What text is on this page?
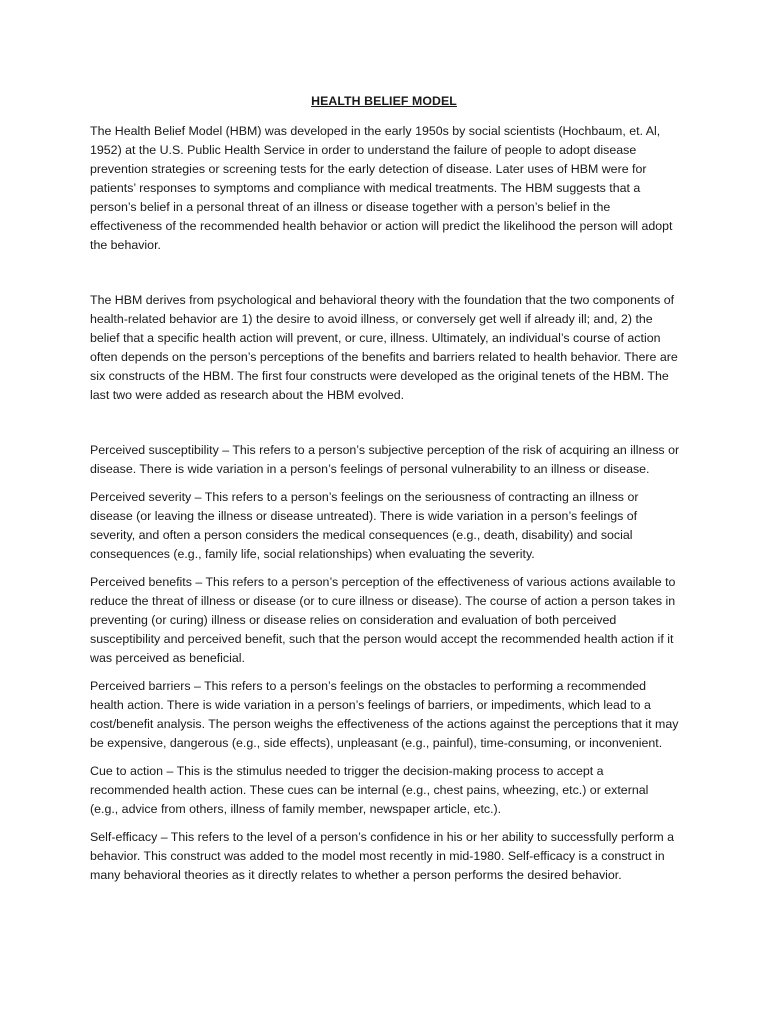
HEALTH BELIEF MODEL

The Health Belief Model (HBM) was developed in the early 1950s by social scientists (Hochbaum, et. Al, 1952) at the U.S. Public Health Service in order to understand the failure of people to adopt disease prevention strategies or screening tests for the early detection of disease. Later uses of HBM were for patients’ responses to symptoms and compliance with medical treatments. The HBM suggests that a person’s belief in a personal threat of an illness or disease together with a person’s belief in the effectiveness of the recommended health behavior or action will predict the likelihood the person will adopt the behavior.

The HBM derives from psychological and behavioral theory with the foundation that the two components of health-related behavior are 1) the desire to avoid illness, or conversely get well if already ill; and, 2) the belief that a specific health action will prevent, or cure, illness. Ultimately, an individual’s course of action often depends on the person’s perceptions of the benefits and barriers related to health behavior. There are six constructs of the HBM. The first four constructs were developed as the original tenets of the HBM. The last two were added as research about the HBM evolved.

Perceived susceptibility – This refers to a person’s subjective perception of the risk of acquiring an illness or disease. There is wide variation in a person’s feelings of personal vulnerability to an illness or disease.

Perceived severity – This refers to a person’s feelings on the seriousness of contracting an illness or disease (or leaving the illness or disease untreated). There is wide variation in a person’s feelings of severity, and often a person considers the medical consequences (e.g., death, disability) and social consequences (e.g., family life, social relationships) when evaluating the severity.

Perceived benefits – This refers to a person’s perception of the effectiveness of various actions available to reduce the threat of illness or disease (or to cure illness or disease). The course of action a person takes in preventing (or curing) illness or disease relies on consideration and evaluation of both perceived susceptibility and perceived benefit, such that the person would accept the recommended health action if it was perceived as beneficial.

Perceived barriers – This refers to a person’s feelings on the obstacles to performing a recommended health action. There is wide variation in a person’s feelings of barriers, or impediments, which lead to a cost/benefit analysis. The person weighs the effectiveness of the actions against the perceptions that it may be expensive, dangerous (e.g., side effects), unpleasant (e.g., painful), time-consuming, or inconvenient.

Cue to action – This is the stimulus needed to trigger the decision-making process to accept a recommended health action. These cues can be internal (e.g., chest pains, wheezing, etc.) or external (e.g., advice from others, illness of family member, newspaper article, etc.).

Self-efficacy – This refers to the level of a person’s confidence in his or her ability to successfully perform a behavior. This construct was added to the model most recently in mid-1980. Self-efficacy is a construct in many behavioral theories as it directly relates to whether a person performs the desired behavior.
